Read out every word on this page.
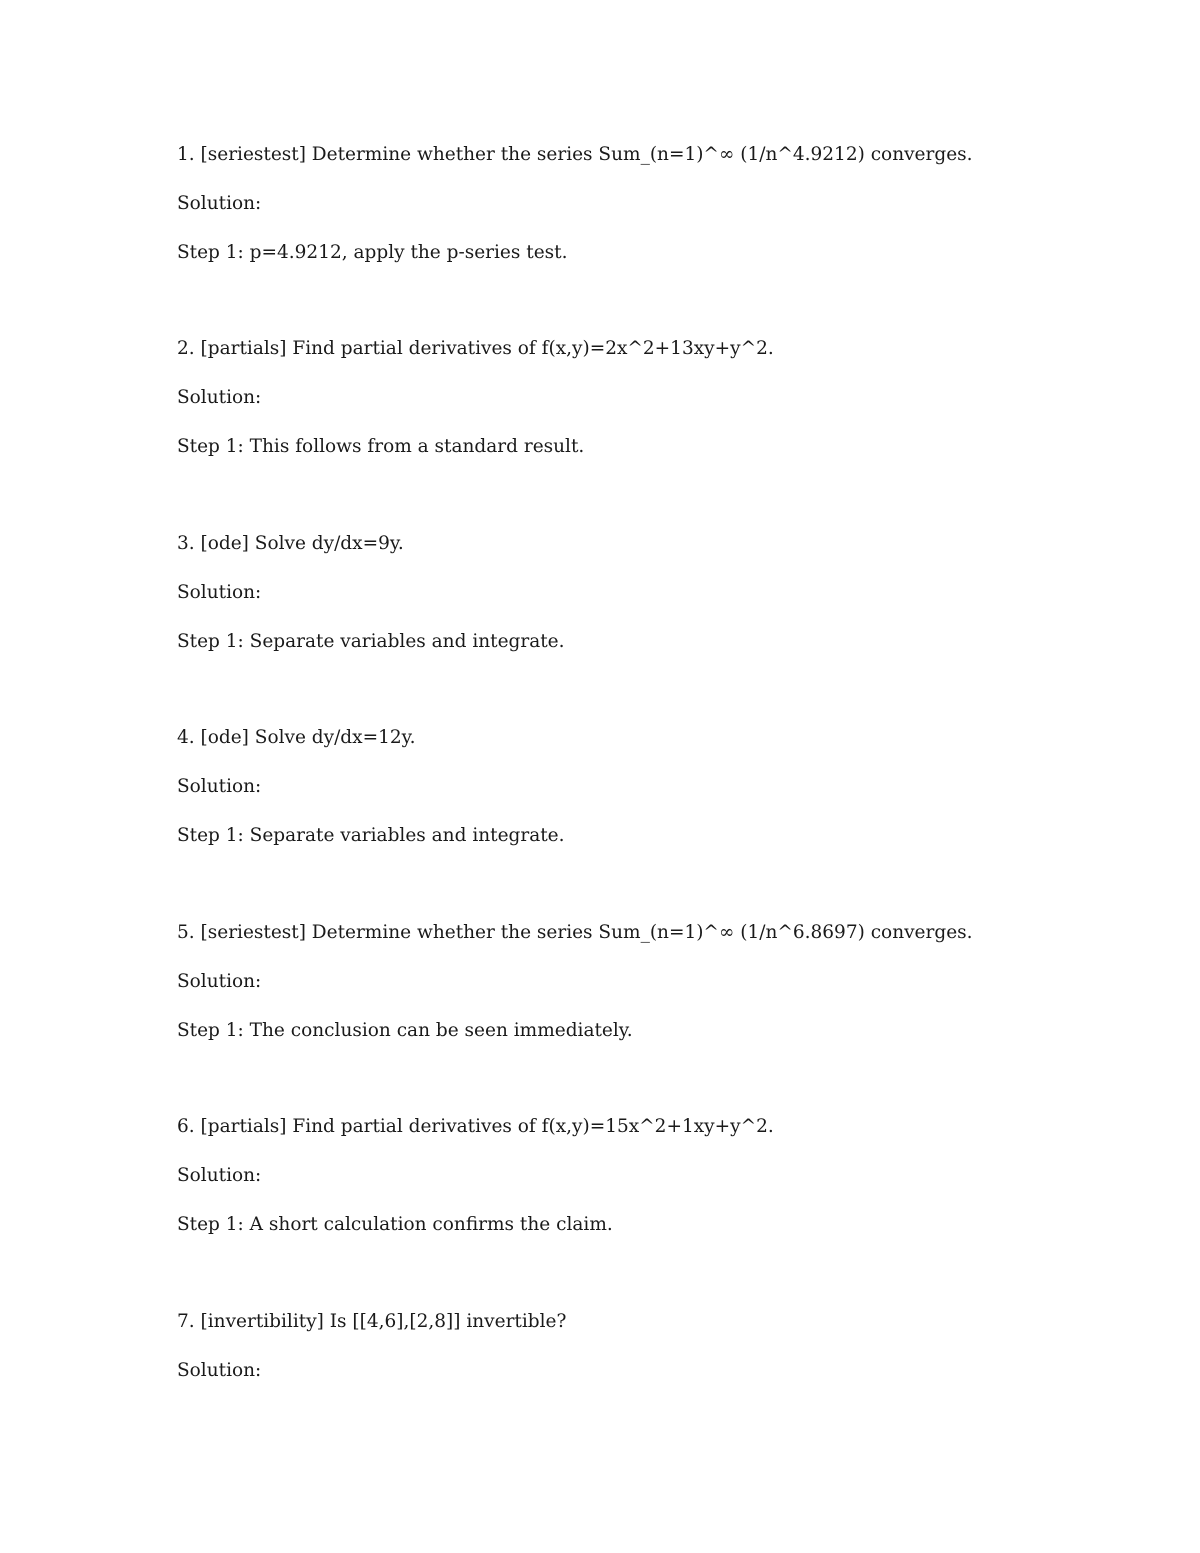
1. [seriestest] Determine whether the series Sum_(n=1)^∞ (1/n^4.9212) converges.
Solution:
Step 1: p=4.9212, apply the p-series test.
2. [partials] Find partial derivatives of f(x,y)=2x^2+13xy+y^2.
Solution:
Step 1: This follows from a standard result.
3. [ode] Solve dy/dx=9y.
Solution:
Step 1: Separate variables and integrate.
4. [ode] Solve dy/dx=12y.
Solution:
Step 1: Separate variables and integrate.
5. [seriestest] Determine whether the series Sum_(n=1)^∞ (1/n^6.8697) converges.
Solution:
Step 1: The conclusion can be seen immediately.
6. [partials] Find partial derivatives of f(x,y)=15x^2+1xy+y^2.
Solution:
Step 1: A short calculation confirms the claim.
7. [invertibility] Is [[4,6],[2,8]] invertible?
Solution:
